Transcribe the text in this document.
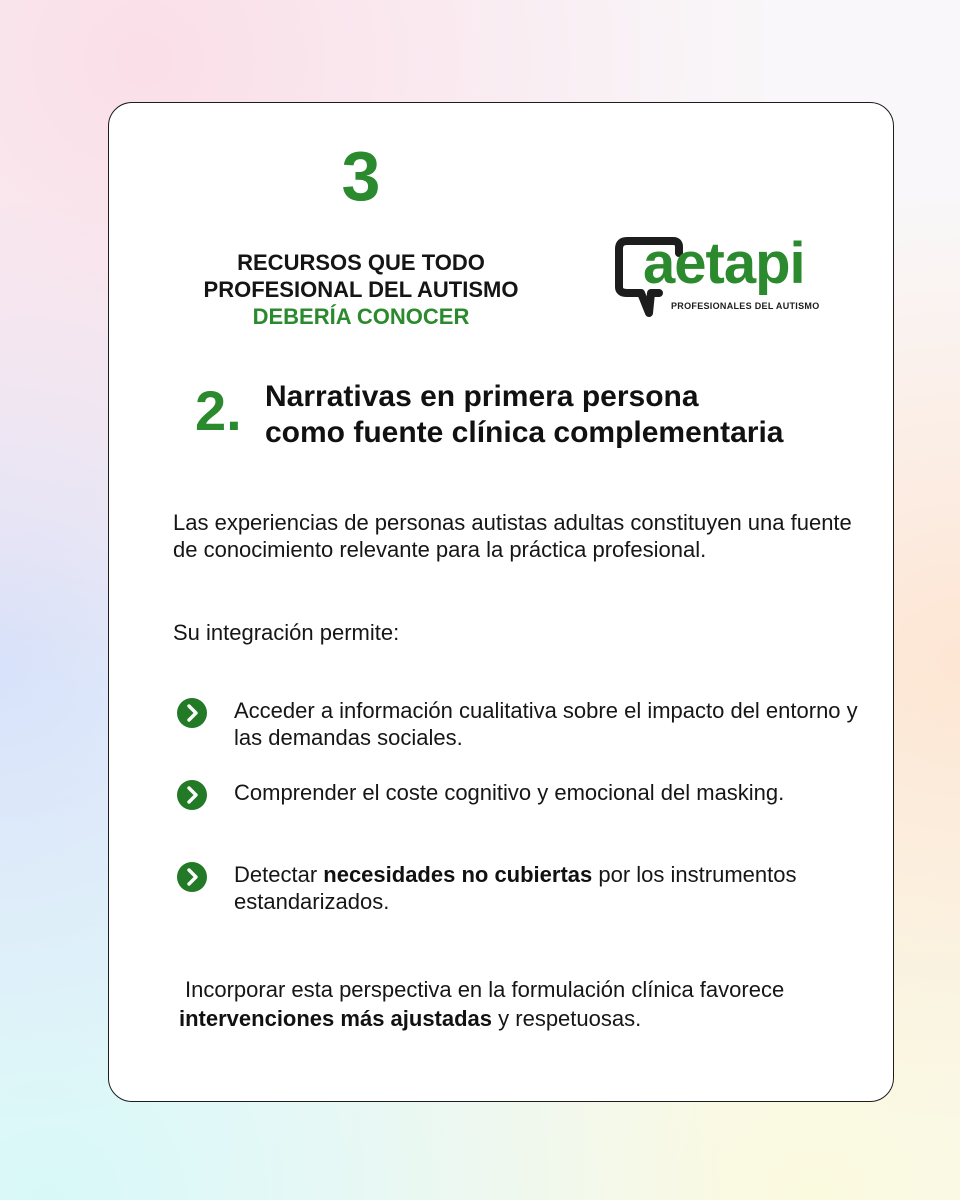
3
RECURSOS QUE TODO
PROFESIONAL DEL AUTISMO
DEBERÍA CONOCER
aetapi
PROFESIONALES DEL AUTISMO
2. Narrativas en primera persona
como fuente clínica complementaria
Las experiencias de personas autistas adultas constituyen una fuente de conocimiento relevante para la práctica profesional.
Su integración permite:
Acceder a información cualitativa sobre el impacto del entorno y las demandas sociales.
Comprender el coste cognitivo y emocional del masking.
Detectar necesidades no cubiertas por los instrumentos estandarizados.
Incorporar esta perspectiva en la formulación clínica favorece intervenciones más ajustadas y respetuosas.
